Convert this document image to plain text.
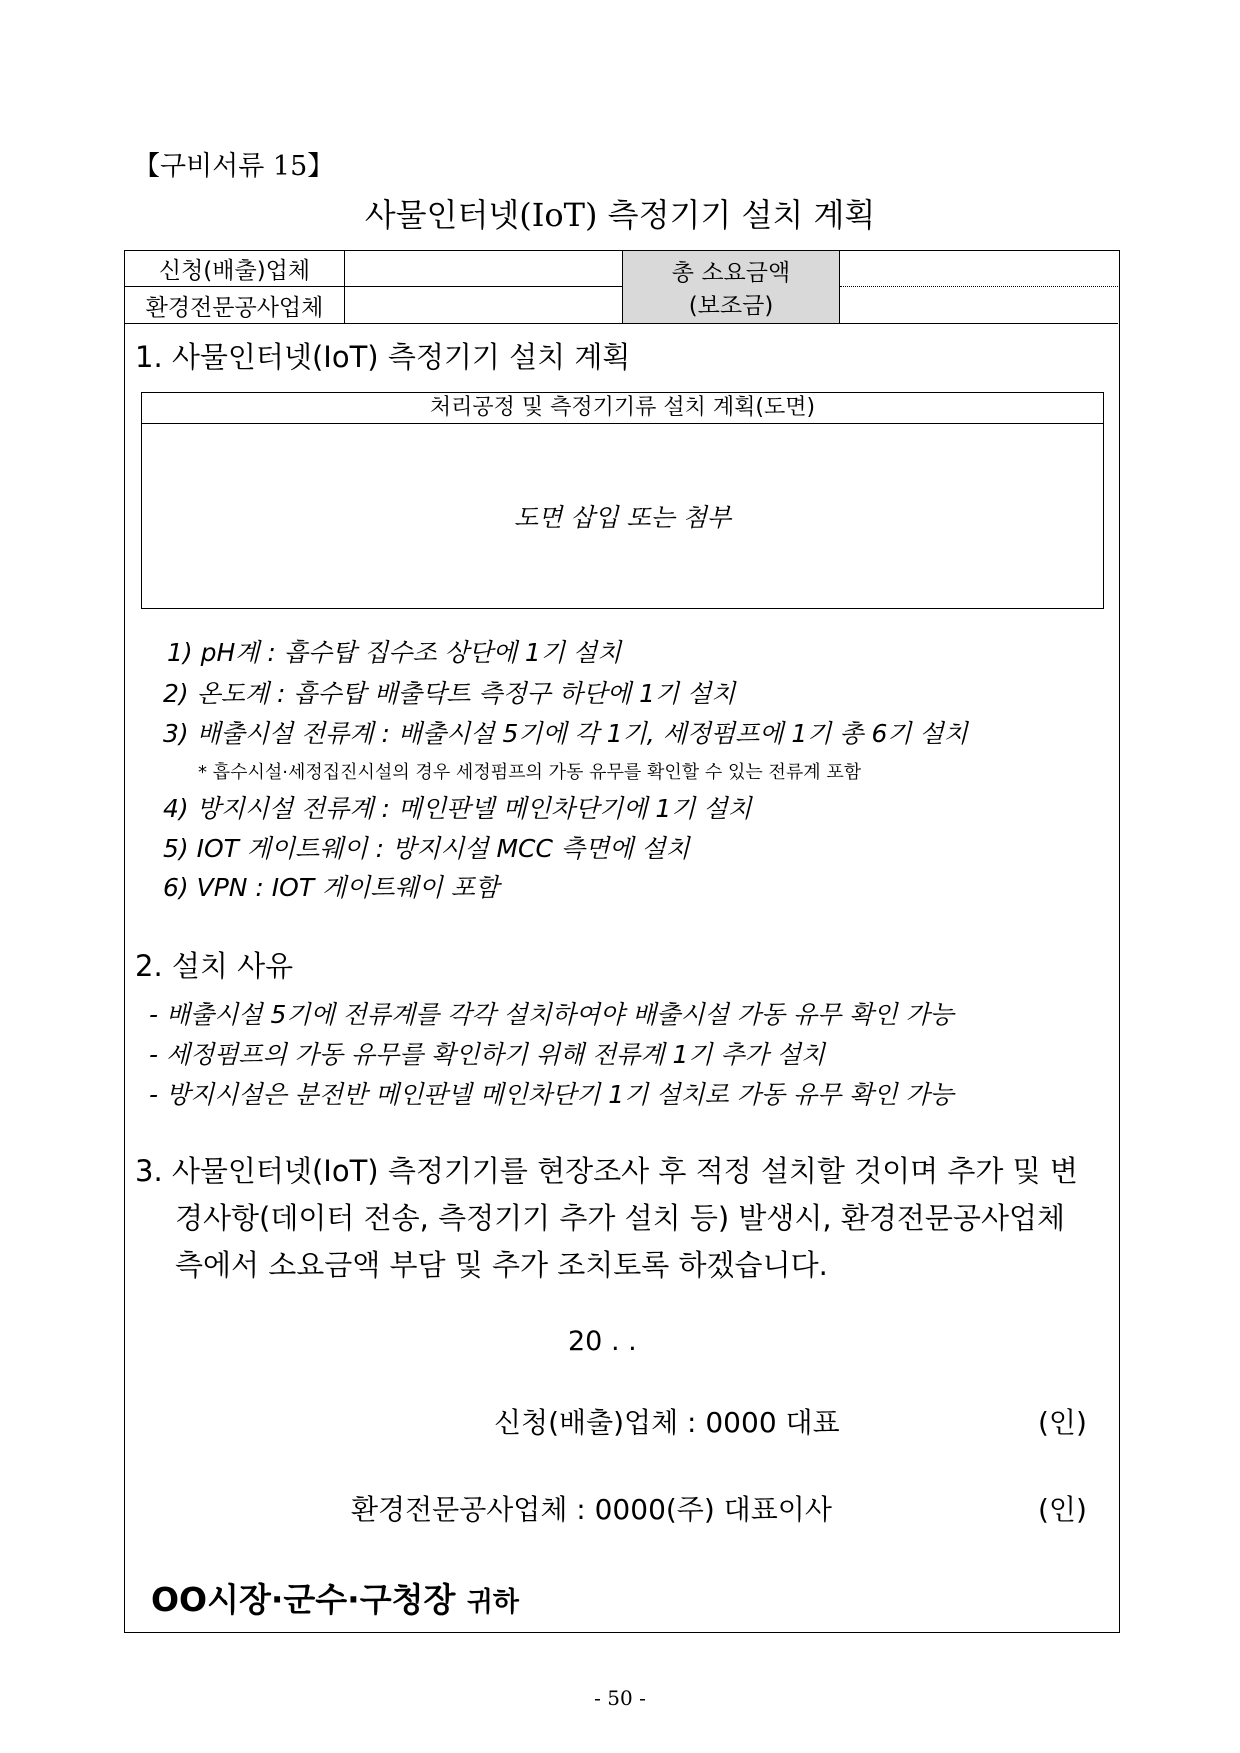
【구비서류 15】
사물인터넷(IoT) 측정기기 설치 계획
신청(배출)업체
환경전문공사업체
총 소요금액
(보조금)
1. 사물인터넷(IoT) 측정기기 설치 계획
처리공정 및 측정기기류 설치 계획(도면)
도면 삽입 또는 첨부
1) pH계 : 흡수탑 집수조 상단에 1기 설치
2) 온도계 : 흡수탑 배출닥트 측정구 하단에 1기 설치
3) 배출시설 전류계 : 배출시설 5기에 각 1기, 세정펌프에 1기 총 6기 설치
* 흡수시설·세정집진시설의 경우 세정펌프의 가동 유무를 확인할 수 있는 전류계 포함
4) 방지시설 전류계 : 메인판넬 메인차단기에 1기 설치
5) IOT 게이트웨이 : 방지시설 MCC 측면에 설치
6) VPN : IOT 게이트웨이 포함
2. 설치 사유
- 배출시설 5기에 전류계를 각각 설치하여야 배출시설 가동 유무 확인 가능
- 세정펌프의 가동 유무를 확인하기 위해 전류계 1기 추가 설치
- 방지시설은 분전반 메인판넬 메인차단기 1기 설치로 가동 유무 확인 가능
3. 사물인터넷(IoT) 측정기기를 현장조사 후 적정 설치할 것이며 추가 및 변
경사항(데이터 전송, 측정기기 추가 설치 등) 발생시, 환경전문공사업체
측에서 소요금액 부담 및 추가 조치토록 하겠습니다.
20 . .
신청(배출)업체 : 0000 대표	(인)
환경전문공사업체 : 0000(주) 대표이사	(인)
OO시장·군수·구청장 귀하
- 50 -
